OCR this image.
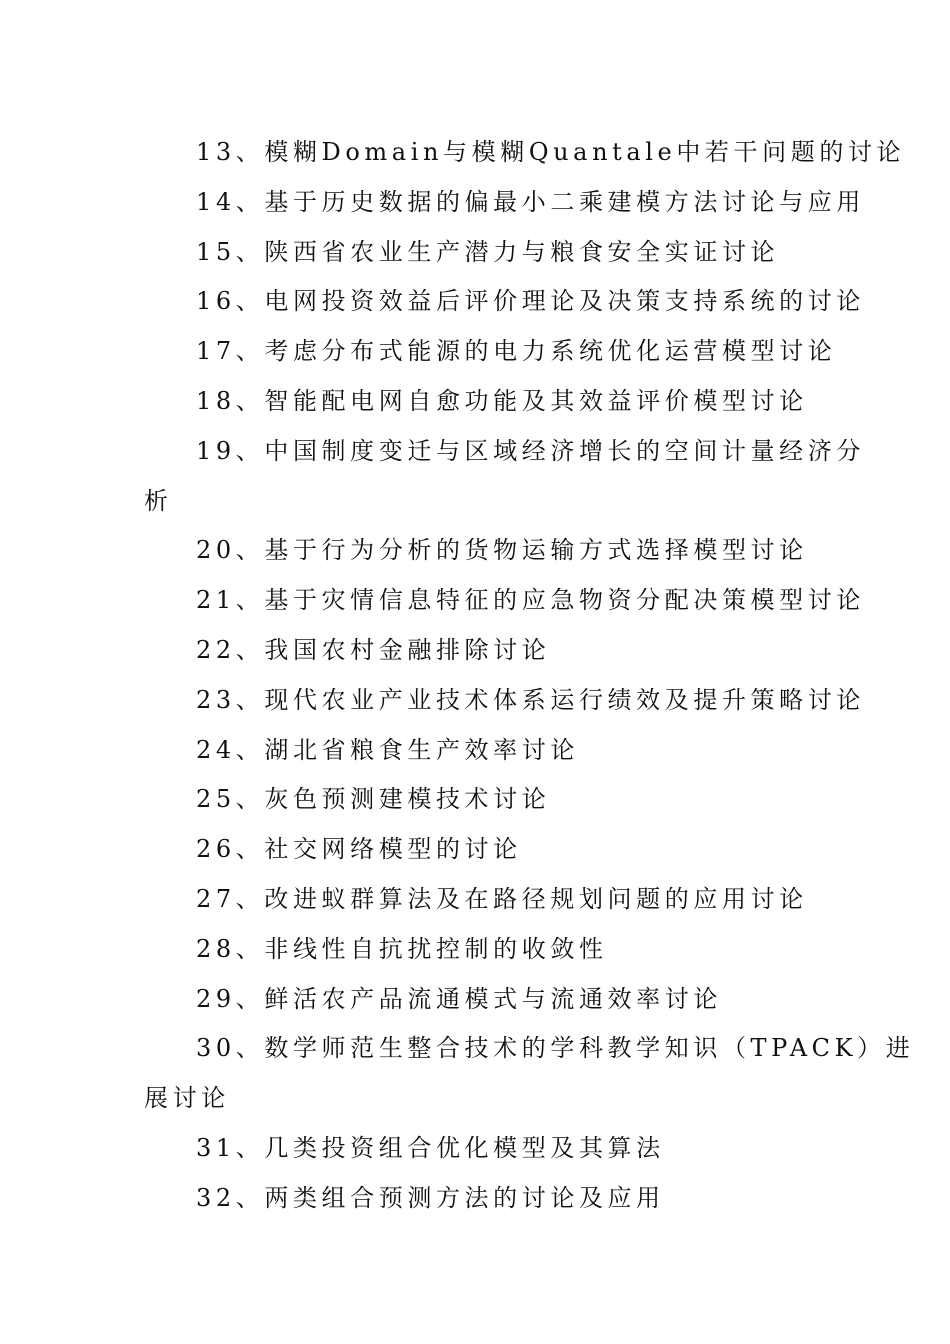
13、模糊Domain与模糊Quantale中若干问题的讨论
14、基于历史数据的偏最小二乘建模方法讨论与应用
15、陕西省农业生产潜力与粮食安全实证讨论
16、电网投资效益后评价理论及决策支持系统的讨论
17、考虑分布式能源的电力系统优化运营模型讨论
18、智能配电网自愈功能及其效益评价模型讨论
19、中国制度变迁与区域经济增长的空间计量经济分
析
20、基于行为分析的货物运输方式选择模型讨论
21、基于灾情信息特征的应急物资分配决策模型讨论
22、我国农村金融排除讨论
23、现代农业产业技术体系运行绩效及提升策略讨论
24、湖北省粮食生产效率讨论
25、灰色预测建模技术讨论
26、社交网络模型的讨论
27、改进蚁群算法及在路径规划问题的应用讨论
28、非线性自抗扰控制的收敛性
29、鲜活农产品流通模式与流通效率讨论
30、数学师范生整合技术的学科教学知识（TPACK）进
展讨论
31、几类投资组合优化模型及其算法
32、两类组合预测方法的讨论及应用
